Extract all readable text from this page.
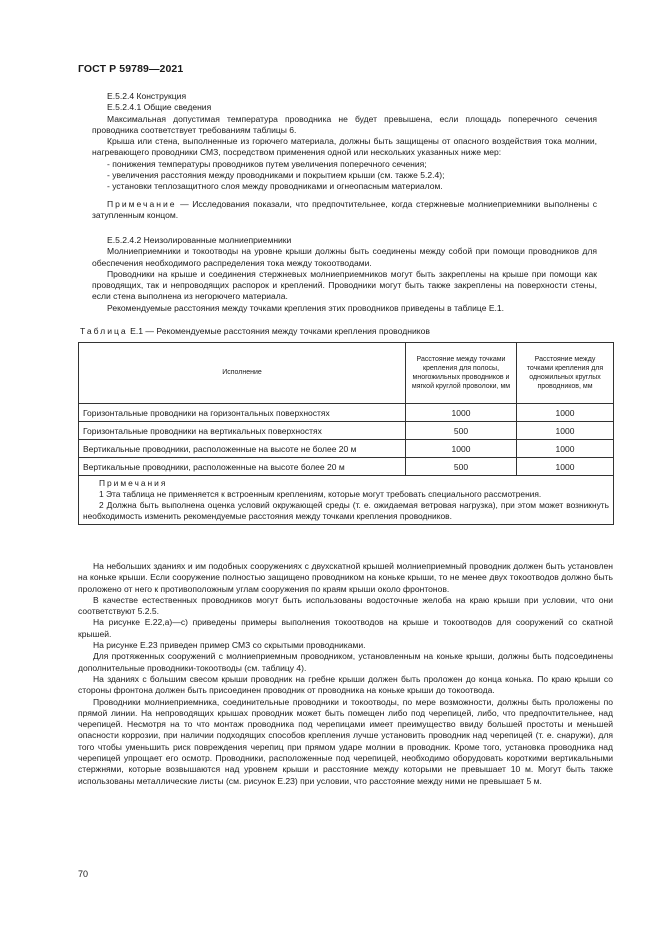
ГОСТ Р 59789—2021

Е.5.2.4 Конструкция

Е.5.2.4.1 Общие сведения

Максимальная допустимая температура проводника не будет превышена, если площадь поперечного сечения проводника соответствует требованиям таблицы 6.

Крыша или стена, выполненные из горючего материала, должны быть защищены от опасного воздействия тока молнии, нагревающего проводники СМЗ, посредством применения одной или нескольких указанных ниже мер:

- понижения температуры проводников путем увеличения поперечного сечения;
- увеличения расстояния между проводниками и покрытием крыши (см. также 5.2.4);
- установки теплозащитного слоя между проводниками и огнеопасным материалом.

Примечание — Исследования показали, что предпочтительнее, когда стержневые молниеприемники выполнены с затупленным концом.

Е.5.2.4.2 Неизолированные молниеприемники

Молниеприемники и токоотводы на уровне крыши должны быть соединены между собой при помощи проводников для обеспечения необходимого распределения тока между токоотводами.

Проводники на крыше и соединения стержневых молниеприемников могут быть закреплены на крыше при помощи как проводящих, так и непроводящих распорок и креплений. Проводники могут быть также закреплены на поверхности стены, если стена выполнена из негорючего материала.

Рекомендуемые расстояния между точками крепления этих проводников приведены в таблице Е.1.

Таблица Е.1 — Рекомендуемые расстояния между точками крепления проводников
Исполнение	Расстояние между точками крепления для полосы, многожильных проводников и мягкой круглой проволоки, мм	Расстояние между точками крепления для одножильных круглых проводников, мм
Горизонтальные проводники на горизонтальных поверхностях	1000	1000
Горизонтальные проводники на вертикальных поверхностях	500	1000
Вертикальные проводники, расположенные на высоте не более 20 м	1000	1000
Вертикальные проводники, расположенные на высоте более 20 м	500	1000

Примечания

1 Эта таблица не применяется к встроенным креплениям, которые могут требовать специального рассмотрения.

2 Должна быть выполнена оценка условий окружающей среды (т. е. ожидаемая ветровая нагрузка), при этом может возникнуть необходимость изменить рекомендуемые расстояния между точками крепления проводников.		

На небольших зданиях и им подобных сооружениях с двухскатной крышей молниеприемный проводник должен быть установлен на коньке крыши. Если сооружение полностью защищено проводником на коньке крыши, то не менее двух токоотводов должно быть проложено от него к противоположным углам сооружения по краям крыши около фронтонов.

В качестве естественных проводников могут быть использованы водосточные желоба на краю крыши при условии, что они соответствуют 5.2.5.

На рисунке Е.22,а)—с) приведены примеры выполнения токоотводов на крыше и токоотводов для сооружений со скатной крышей.

На рисунке Е.23 приведен пример СМЗ со скрытыми проводниками.

Для протяженных сооружений с молниеприемным проводником, установленным на коньке крыши, должны быть подсоединены дополнительные проводники-токоотводы (см. таблицу 4).

На зданиях с большим свесом крыши проводник на гребне крыши должен быть проложен до конца конька. По краю крыши со стороны фронтона должен быть присоединен проводник от проводника на коньке крыши до токоотвода.

Проводники молниеприемника, соединительные проводники и токоотводы, по мере возможности, должны быть проложены по прямой линии. На непроводящих крышах проводник может быть помещен либо под черепицей, либо, что предпочтительнее, над черепицей. Несмотря на то что монтаж проводника под черепицами имеет преимущество ввиду большей простоты и меньшей опасности коррозии, при наличии подходящих способов крепления лучше установить проводник над черепицей (т. е. снаружи), для того чтобы уменьшить риск повреждения черепиц при прямом ударе молнии в проводник. Кроме того, установка проводника над черепицей упрощает его осмотр. Проводники, расположенные под черепицей, необходимо оборудовать короткими вертикальными стержнями, которые возвышаются над уровнем крыши и расстояние между которыми не превышает 10 м. Могут быть также использованы металлические листы (см. рисунок Е.23) при условии, что расстояние между ними не превышает 5 м.

70
